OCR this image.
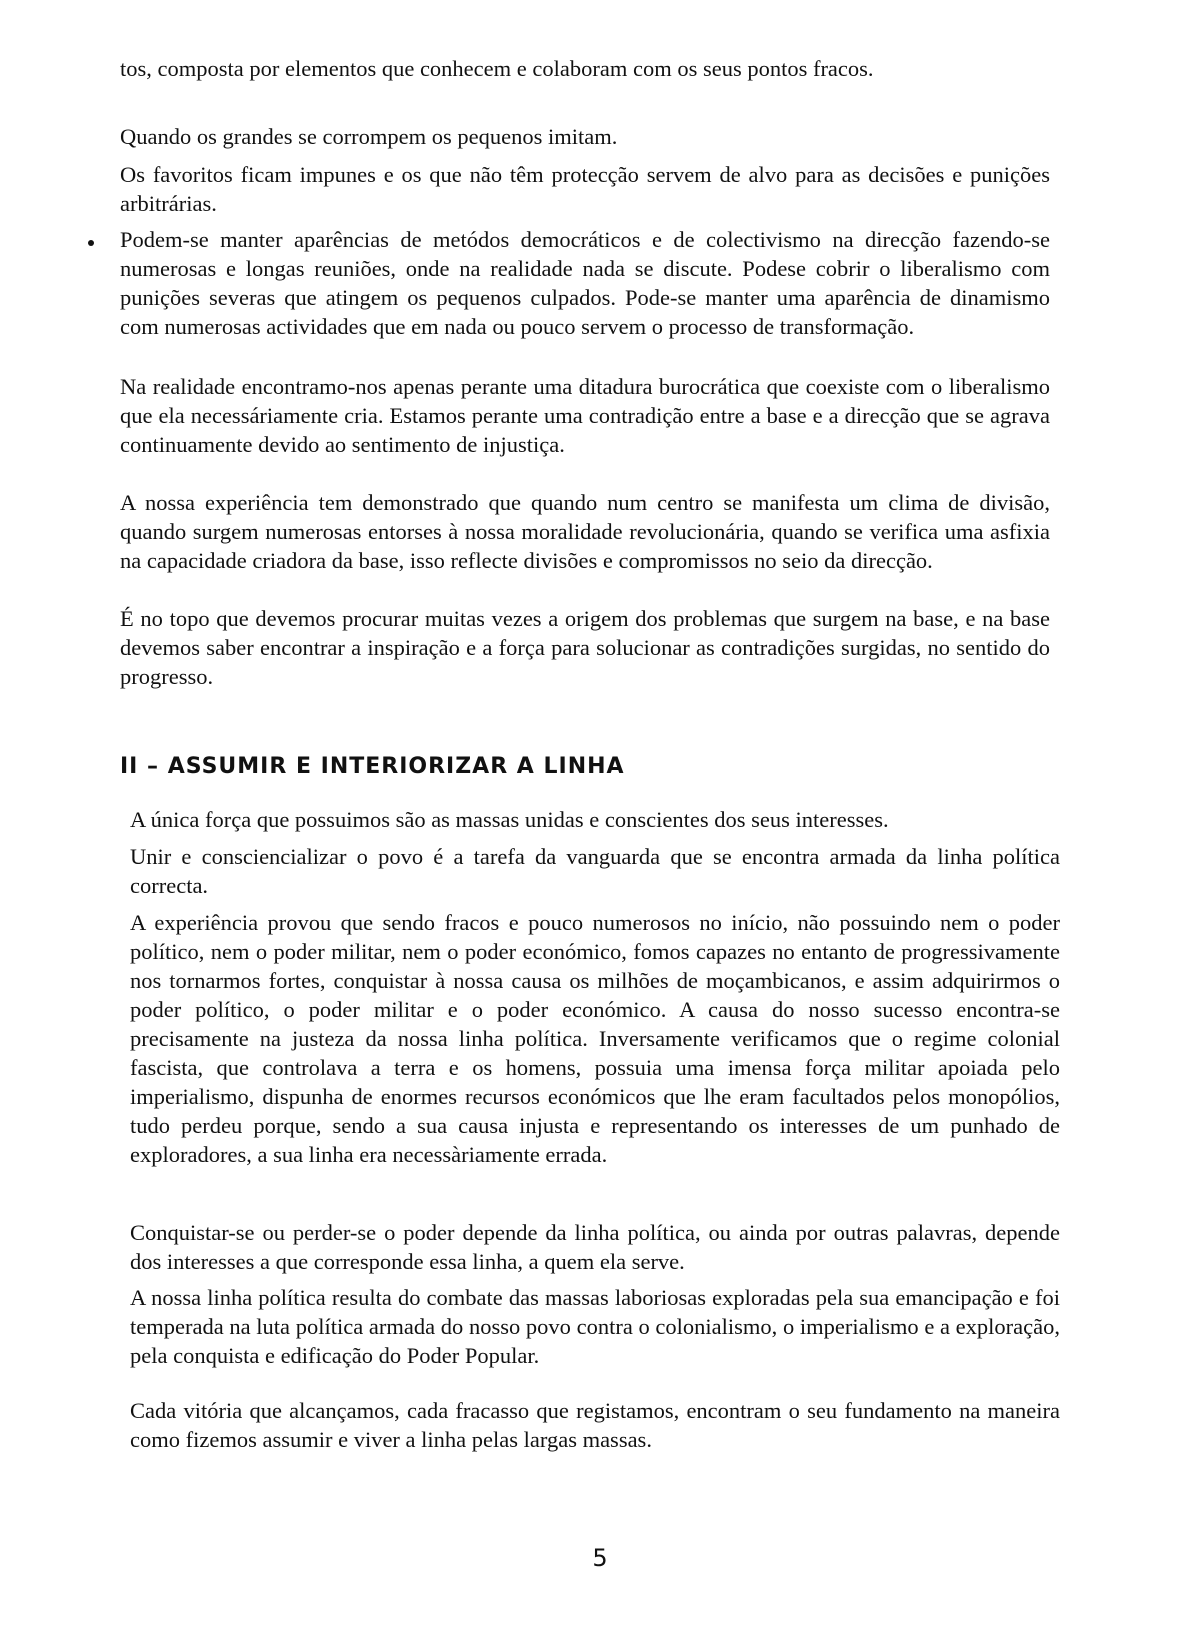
tos, composta por elementos que conhecem e colaboram com os seus pontos fracos.

Quando os grandes se corrompem os pequenos imitam.

Os favoritos ficam impunes e os que não têm protecção servem de alvo para as decisões e punições arbitrárias.

Podem-se manter aparências de metódos democráticos e de colectivismo na direcção fazendo-se numerosas e longas reuniões, onde na realidade nada se discute. Podese cobrir o liberalismo com punições severas que atingem os pequenos culpados. Pode-se manter uma aparência de dinamismo com numerosas actividades que em nada ou pouco servem o processo de transformação.

Na realidade encontramo-nos apenas perante uma ditadura burocrática que coexiste com o liberalismo que ela necessáriamente cria. Estamos perante uma contradição entre a base e a direcção que se agrava continuamente devido ao sentimento de injustiça.

A nossa experiência tem demonstrado que quando num centro se manifesta um clima de divisão, quando surgem numerosas entorses à nossa moralidade revolucionária, quando se verifica uma asfixia na capacidade criadora da base, isso reflecte divisões e compromissos no seio da direcção.

É no topo que devemos procurar muitas vezes a origem dos problemas que surgem na base, e na base devemos saber encontrar a inspiração e a força para solucionar as contradições surgidas, no sentido do progresso.

II – ASSUMIR E INTERIORIZAR A LINHA

A única força que possuimos são as massas unidas e conscientes dos seus interesses.

Unir e consciencializar o povo é a tarefa da vanguarda que se encontra armada da linha política correcta.

A experiência provou que sendo fracos e pouco numerosos no início, não possuindo nem o poder político, nem o poder militar, nem o poder económico, fomos capazes no entanto de progressivamente nos tornarmos fortes, conquistar à nossa causa os milhões de moçambicanos, e assim adquirirmos o poder político, o poder militar e o poder económico. A causa do nosso sucesso encontra-se precisamente na justeza da nossa linha política. Inversamente verificamos que o regime colonial fascista, que controlava a terra e os homens, possuia uma imensa força militar apoiada pelo imperialismo, dispunha de enormes recursos económicos que lhe eram facultados pelos monopólios, tudo perdeu porque, sendo a sua causa injusta e representando os interesses de um punhado de exploradores, a sua linha era necessàriamente errada.

Conquistar-se ou perder-se o poder depende da linha política, ou ainda por outras palavras, depende dos interesses a que corresponde essa linha, a quem ela serve.

A nossa linha política resulta do combate das massas laboriosas exploradas pela sua emancipação e foi temperada na luta política armada do nosso povo contra o colonialismo, o imperialismo e a exploração, pela conquista e edificação do Poder Popular.

Cada vitória que alcançamos, cada fracasso que registamos, encontram o seu fundamento na maneira como fizemos assumir e viver a linha pelas largas massas.

5
